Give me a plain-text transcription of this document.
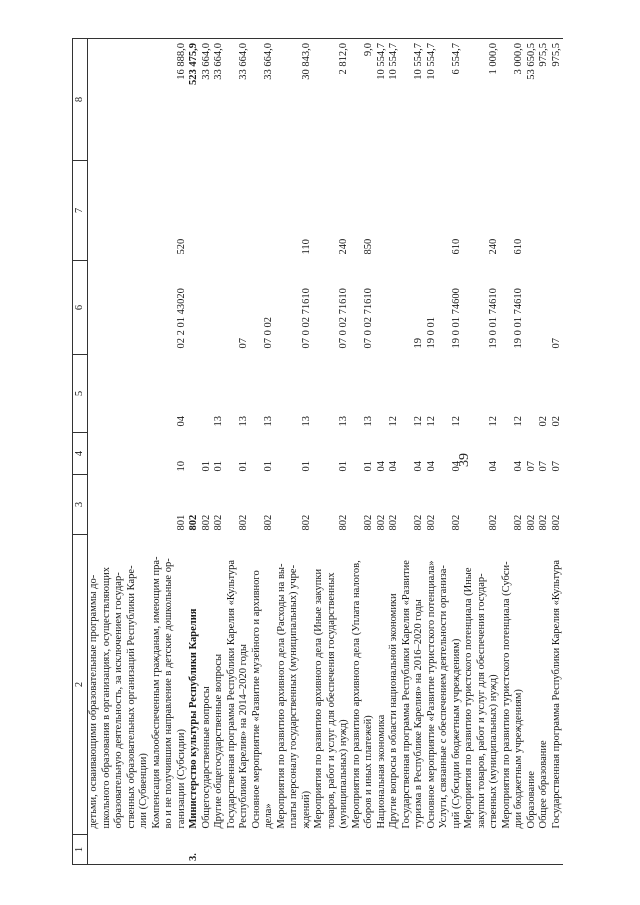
39
1	2	3	4	5	6	7	8
	детьми, осваивающими образовательные программы до-						
	школьного образования в организациях, осуществляющих						
	образовательную деятельность, за исключением государ-						
	ственных образовательных организаций Республики Каре-						
	лии (Субвенции)						
	Компенсация малообеспеченным гражданам, имеющим пра-						
	во и не получившим направление в детские дошкольные ор-						
	ганизации (Субсидии)	801	10	04	02 2 01 43020	520	16 888,0
3.	Министерство культуры Республики Карелия	802					523 475,9
	Общегосударственные вопросы	802	01				33 664,0
	Другие общегосударственные вопросы	802	01	13			33 664,0
	Государственная программа Республики Карелия «Культура						
	Республики Карелия» на 2014–2020 годы	802	01	13	07		33 664,0
	Основное мероприятие «Развитие музейного и архивного						
	дела»	802	01	13	07 0 02		33 664,0
	Мероприятия по развитию архивного дела (Расходы на вы-						
	платы персоналу государственных (муниципальных) учре-						
	ждений)	802	01	13	07 0 02 71610	110	30 843,0
	Мероприятия по развитию архивного дела (Иные закупки						
	товаров, работ и услуг для обеспечения государственных						
	(муниципальных) нужд)	802	01	13	07 0 02 71610	240	2 812,0
	Мероприятия по развитию архивного дела (Уплата налогов,						
	сборов и иных платежей)	802	01	13	07 0 02 71610	850	9,0
	Национальная экономика	802	04				10 554,7
	Другие вопросы в области национальной экономики	802	04	12			10 554,7
	Государственная программа Республики Карелия «Развитие						
	туризма в Республике Карелия» на 2016–2020 годы	802	04	12	19		10 554,7
	Основное мероприятие «Развитие туристского потенциала»	802	04	12	19 0 01		10 554,7
	Услуги, связанные с обеспечением деятельности организа-						
	ций (Субсидии бюджетным учреждениям)	802	04	12	19 0 01 74600	610	6 554,7
	Мероприятия по развитию туристского потенциала (Иные						
	закупки товаров, работ и услуг для обеспечения государ-						
	ственных (муниципальных) нужд)	802	04	12	19 0 01 74610	240	1 000,0
	Мероприятия по развитию туристского потенциала (Субси-						
	дии бюджетным учреждениям)	802	04	12	19 0 01 74610	610	3 000,0
	Образование	802	07				53 650,5
	Общее образование	802	07	02			975,5
	Государственная программа Республики Карелия «Культура	802	07	02	07		975,5
